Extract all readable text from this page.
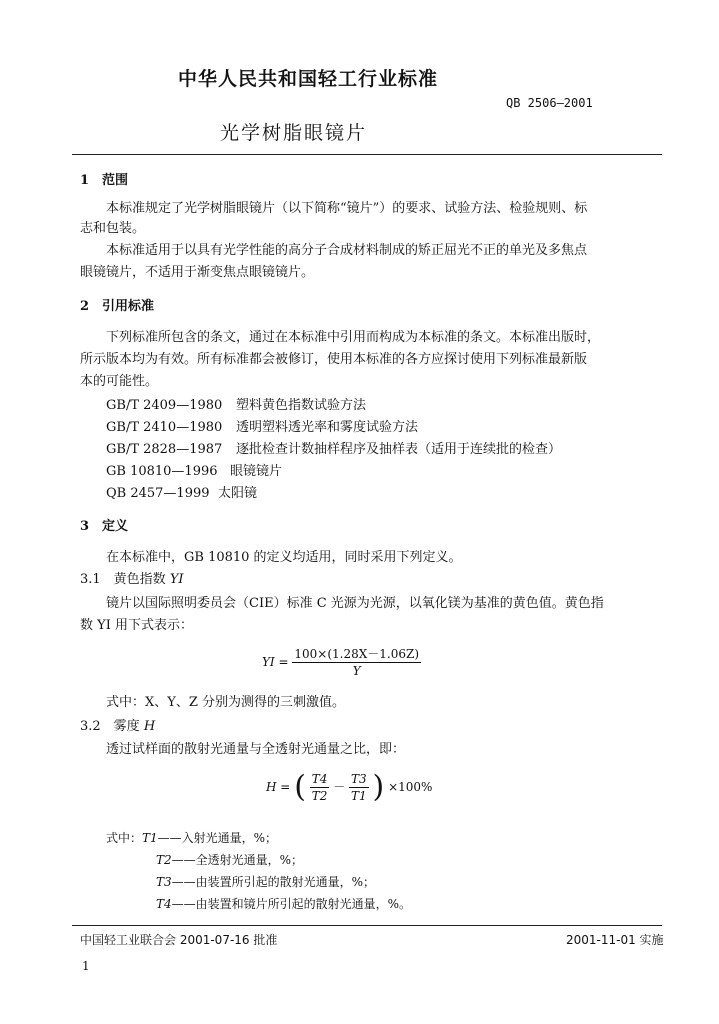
中华人民共和国轻工行业标准
QB 2506—2001
光学树脂眼镜片
1　范围
本标准规定了光学树脂眼镜片（以下简称“镜片”）的要求、试验方法、检验规则、标
志和包装。
本标准适用于以具有光学性能的高分子合成材料制成的矫正屈光不正的单光及多焦点
眼镜镜片，不适用于渐变焦点眼镜镜片。
2　引用标准
下列标准所包含的条文，通过在本标准中引用而构成为本标准的条文。本标准出版时，
所示版本均为有效。所有标准都会被修订，使用本标准的各方应探讨使用下列标准最新版
本的可能性。
GB/T 2409—1980 塑料黄色指数试验方法
GB/T 2410—1980 透明塑料透光率和雾度试验方法
GB/T 2828—1987 逐批检查计数抽样程序及抽样表（适用于连续批的检查）
GB 10810—1996 眼镜镜片
QB 2457—1999 太阳镜
3　定义
在本标准中，GB 10810 的定义均适用，同时采用下列定义。
3.1　黄色指数 YI
镜片以国际照明委员会（CIE）标准 C 光源为光源，以氧化镁为基准的黄色值。黄色指
数 YI 用下式表示：
YI = $\frac{100\times(1.28X-1.06Z)}{Y}$
式中：X、Y、Z 分别为测得的三刺激值。
3.2　雾度 H
透过试样面的散射光通量与全透射光通量之比，即：
H = ( $\frac{T4}{T2} - \frac{T3}{T1}$ ) ×100%
式中：T1——入射光通量，%；
T2——全透射光通量，%；
T3——由装置所引起的散射光通量，%；
T4——由装置和镜片所引起的散射光通量，%。
中国轻工业联合会 2001-07-16 批准	2001-11-01 实施
1
